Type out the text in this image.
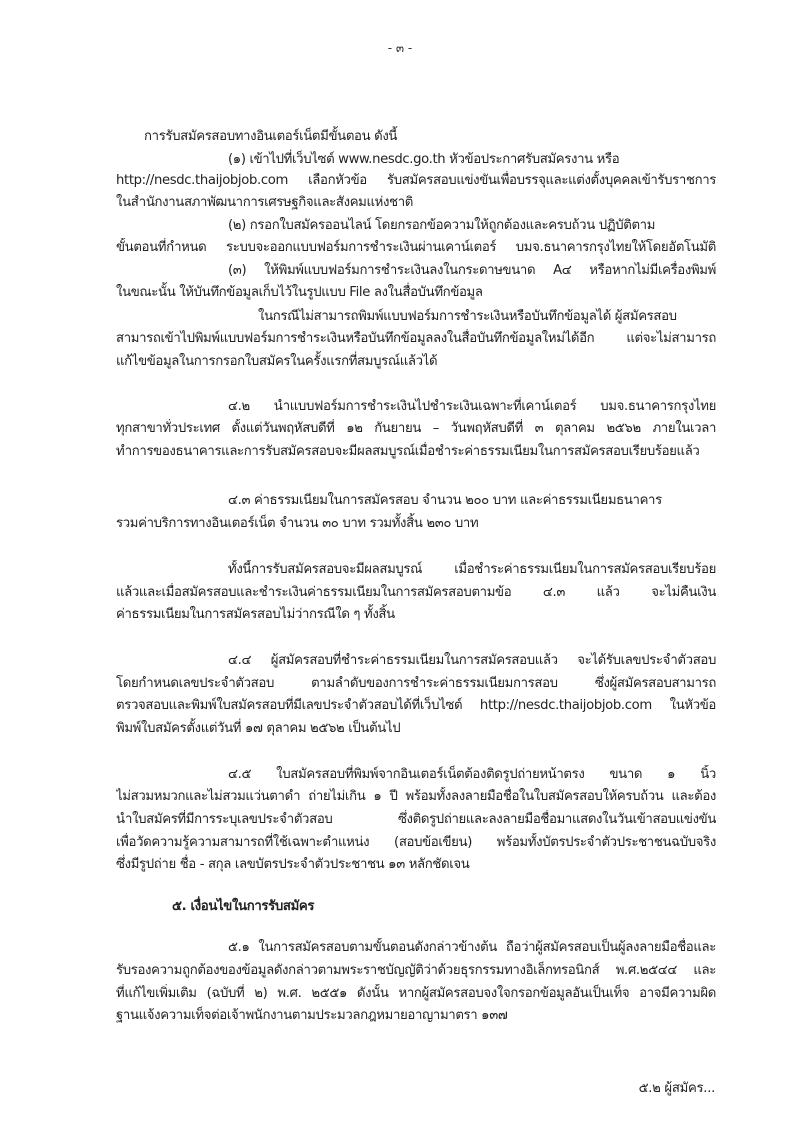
- ๓ -
การรับสมัครสอบทางอินเตอร์เน็ตมีขั้นตอน ดังนี้
(๑) เข้าไปที่เว็บไซต์ www.nesdc.go.th หัวข้อประกาศรับสมัครงาน หรือ
http://nesdc.thaijobjob.com เลือกหัวข้อ รับสมัครสอบแข่งขันเพื่อบรรจุและแต่งตั้งบุคคลเข้ารับราชการ
ในสำนักงานสภาพัฒนาการเศรษฐกิจและสังคมแห่งชาติ
(๒) กรอกใบสมัครออนไลน์ โดยกรอกข้อความให้ถูกต้องและครบถ้วน ปฏิบัติตาม
ขั้นตอนที่กำหนด ระบบจะออกแบบฟอร์มการชำระเงินผ่านเคาน์เตอร์ บมจ.ธนาคารกรุงไทยให้โดยอัตโนมัติ
(๓) ให้พิมพ์แบบฟอร์มการชำระเงินลงในกระดาษขนาด A๔ หรือหากไม่มีเครื่องพิมพ์
ในขณะนั้น ให้บันทึกข้อมูลเก็บไว้ในรูปแบบ File ลงในสื่อบันทึกข้อมูล
ในกรณีไม่สามารถพิมพ์แบบฟอร์มการชำระเงินหรือบันทึกข้อมูลได้ ผู้สมัครสอบ
สามารถเข้าไปพิมพ์แบบฟอร์มการชำระเงินหรือบันทึกข้อมูลลงในสื่อบันทึกข้อมูลใหม่ได้อีก แต่จะไม่สามารถ
แก้ไขข้อมูลในการกรอกใบสมัครในครั้งแรกที่สมบูรณ์แล้วได้
๔.๒ นำแบบฟอร์มการชำระเงินไปชำระเงินเฉพาะที่เคาน์เตอร์ บมจ.ธนาคารกรุงไทย
ทุกสาขาทั่วประเทศ ตั้งแต่วันพฤหัสบดีที่ ๑๒ กันยายน – วันพฤหัสบดีที่ ๓ ตุลาคม ๒๕๖๒ ภายในเวลา
ทำการของธนาคารและการรับสมัครสอบจะมีผลสมบูรณ์เมื่อชำระค่าธรรมเนียมในการสมัครสอบเรียบร้อยแล้ว
๔.๓ ค่าธรรมเนียมในการสมัครสอบ จำนวน ๒๐๐ บาท และค่าธรรมเนียมธนาคาร
รวมค่าบริการทางอินเตอร์เน็ต จำนวน ๓๐ บาท รวมทั้งสิ้น ๒๓๐ บาท
ทั้งนี้การรับสมัครสอบจะมีผลสมบูรณ์ เมื่อชำระค่าธรรมเนียมในการสมัครสอบเรียบร้อย
แล้วและเมื่อสมัครสอบและชำระเงินค่าธรรมเนียมในการสมัครสอบตามข้อ ๔.๓ แล้ว จะไม่คืนเงิน
ค่าธรรมเนียมในการสมัครสอบไม่ว่ากรณีใด ๆ ทั้งสิ้น
๔.๔ ผู้สมัครสอบที่ชำระค่าธรรมเนียมในการสมัครสอบแล้ว จะได้รับเลขประจำตัวสอบ
โดยกำหนดเลขประจำตัวสอบ ตามลำดับของการชำระค่าธรรมเนียมการสอบ ซึ่งผู้สมัครสอบสามารถ
ตรวจสอบและพิมพ์ใบสมัครสอบที่มีเลขประจำตัวสอบได้ที่เว็บไซต์ http://nesdc.thaijobjob.com ในหัวข้อ
พิมพ์ใบสมัครตั้งแต่วันที่ ๑๗ ตุลาคม ๒๕๖๒ เป็นต้นไป
๔.๕ ใบสมัครสอบที่พิมพ์จากอินเตอร์เน็ตต้องติดรูปถ่ายหน้าตรง ขนาด ๑ นิ้ว
ไม่สวมหมวกและไม่สวมแว่นตาดำ ถ่ายไม่เกิน ๑ ปี พร้อมทั้งลงลายมือชื่อในใบสมัครสอบให้ครบถ้วน และต้อง
นำใบสมัครที่มีการระบุเลขประจำตัวสอบ ซึ่งติดรูปถ่ายและลงลายมือชื่อมาแสดงในวันเข้าสอบแข่งขัน
เพื่อวัดความรู้ความสามารถที่ใช้เฉพาะตำแหน่ง (สอบข้อเขียน) พร้อมทั้งบัตรประจำตัวประชาชนฉบับจริง
ซึ่งมีรูปถ่าย ชื่อ - สกุล เลขบัตรประจำตัวประชาชน ๑๓ หลักชัดเจน
๕. เงื่อนไขในการรับสมัคร
๕.๑ ในการสมัครสอบตามขั้นตอนดังกล่าวข้างต้น ถือว่าผู้สมัครสอบเป็นผู้ลงลายมือชื่อและ
รับรองความถูกต้องของข้อมูลดังกล่าวตามพระราชบัญญัติว่าด้วยธุรกรรมทางอิเล็กทรอนิกส์ พ.ศ.๒๕๔๔ และ
ที่แก้ไขเพิ่มเติม (ฉบับที่ ๒) พ.ศ. ๒๕๕๑ ดังนั้น หากผู้สมัครสอบจงใจกรอกข้อมูลอันเป็นเท็จ อาจมีความผิด
ฐานแจ้งความเท็จต่อเจ้าพนักงานตามประมวลกฎหมายอาญามาตรา ๑๓๗
๕.๒ ผู้สมัคร...
